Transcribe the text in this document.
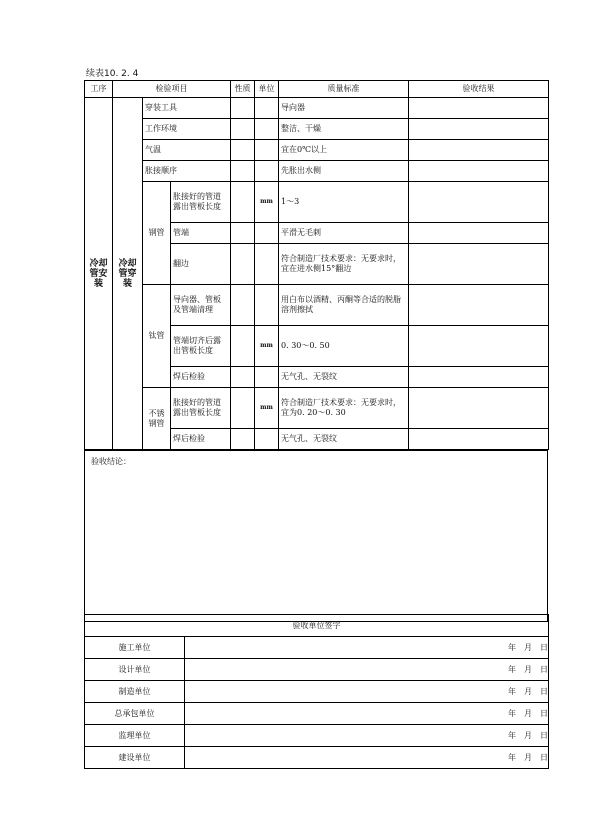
续表10. 2. 4
工序	检验项目			性质	单位	质量标准	验收结果
冷却管安装	冷却管穿装	穿装工具				导向器	
		工作环境				整洁、干燥	
		气温				宜在0℃以上	
		胀接顺序				先胀出水侧	
		钢管	胀接好的管道露出管板长度		mm	1～3	

			管端			平滑无毛刺	
			翻边			符合制造厂技术要求：无要求时，宜在进水侧15°翻边	
		钛管	导向器、管板及管端清理			用白布以酒精、丙酮等合适的脱脂溶剂擦拭	
			管端切齐后露出管板长度		mm	0. 30～0. 50	

			焊后检验			无气孔、无裂纹	
		不锈钢管	胀接好的管道露出管板长度		mm	符合制造厂技术要求：无要求时，宜为0. 20～0. 30	

			焊后检验			无气孔、无裂纹	
验收结论：
验收单位签字	
施工单位	年 月 日
设计单位	年 月 日
制造单位	年 月 日
总承包单位	年 月 日
监理单位	年 月 日
建设单位	年 月 日
